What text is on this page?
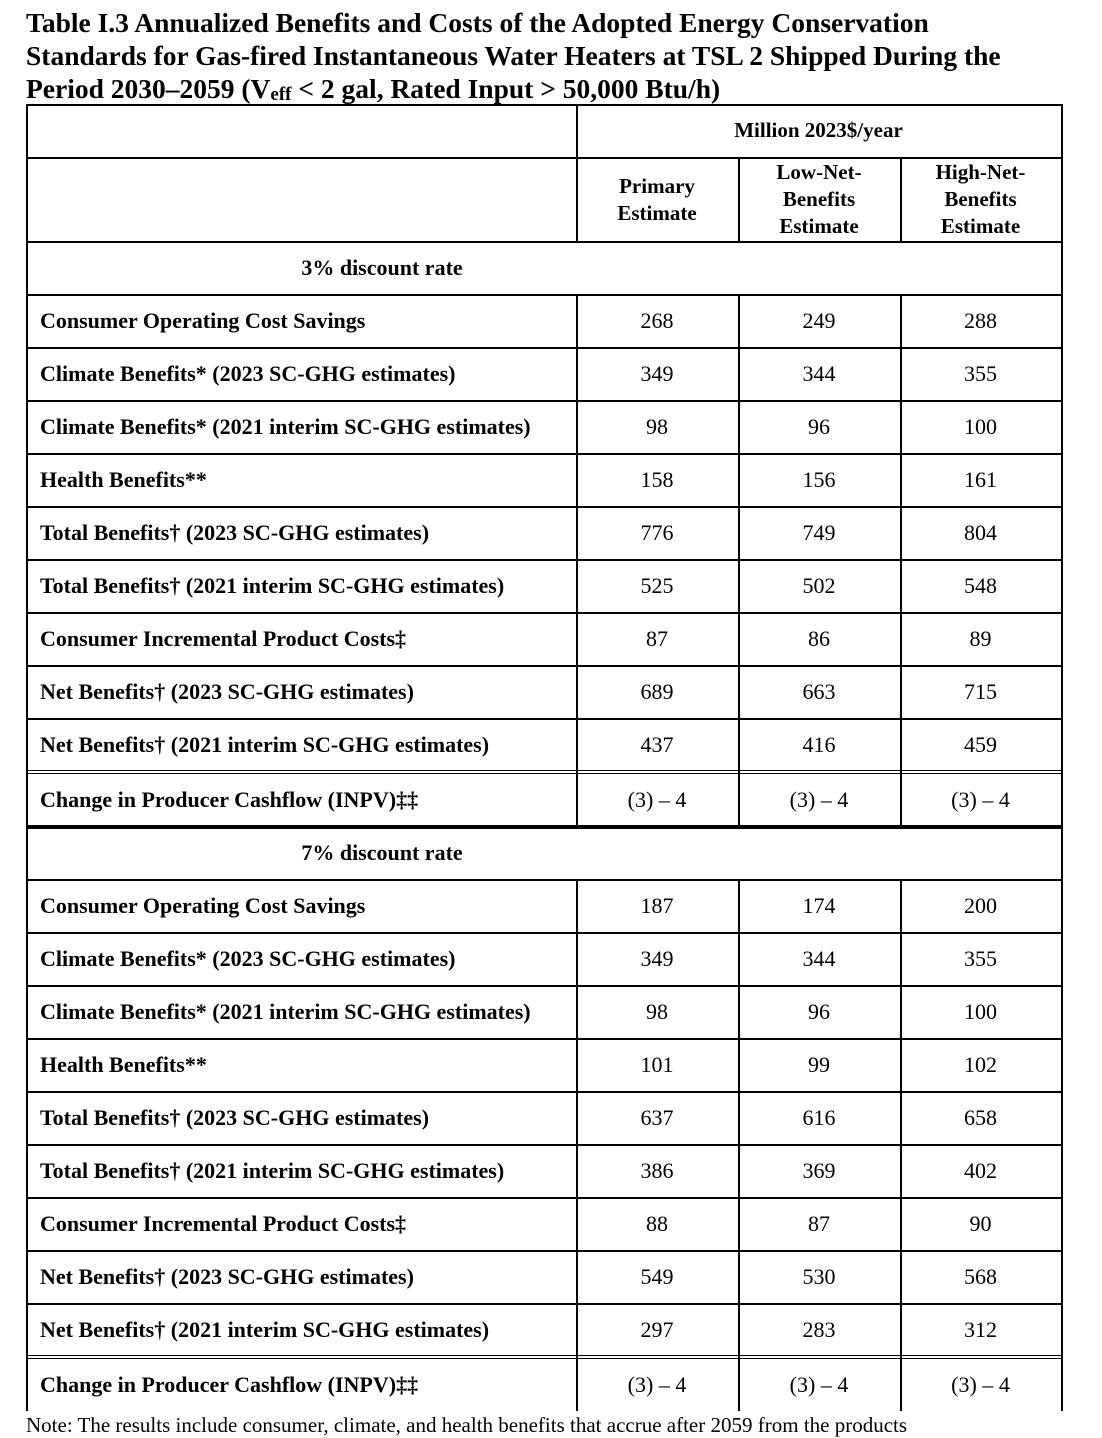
Table I.3 Annualized Benefits and Costs of the Adopted Energy Conservation
Standards for Gas-fired Instantaneous Water Heaters at TSL 2 Shipped During the
Period 2030–2059 ($V_{eff} < 2$ gal, Rated Input > 50,000 Btu/h)
Million 2023$/year
Primary Estimate
Low-Net-Benefits Estimate
High-Net-Benefits Estimate
3% discount rate
Consumer Operating Cost Savings	268	249	288
Climate Benefits* (2023 SC-GHG estimates)	349	344	355
Climate Benefits* (2021 interim SC-GHG estimates)	98	96	100
Health Benefits**	158	156	161
Total Benefits† (2023 SC-GHG estimates)	776	749	804
Total Benefits† (2021 interim SC-GHG estimates)	525	502	548
Consumer Incremental Product Costs‡	87	86	89
Net Benefits† (2023 SC-GHG estimates)	689	663	715
Net Benefits† (2021 interim SC-GHG estimates)	437	416	459
Change in Producer Cashflow (INPV)‡‡	(3) – 4	(3) – 4	(3) – 4
7% discount rate
Consumer Operating Cost Savings	187	174	200
Climate Benefits* (2023 SC-GHG estimates)	349	344	355
Climate Benefits* (2021 interim SC-GHG estimates)	98	96	100
Health Benefits**	101	99	102
Total Benefits† (2023 SC-GHG estimates)	637	616	658
Total Benefits† (2021 interim SC-GHG estimates)	386	369	402
Consumer Incremental Product Costs‡	88	87	90
Net Benefits† (2023 SC-GHG estimates)	549	530	568
Net Benefits† (2021 interim SC-GHG estimates)	297	283	312
Change in Producer Cashflow (INPV)‡‡	(3) – 4	(3) – 4	(3) – 4
Note: The results include consumer, climate, and health benefits that accrue after 2059 from the products
